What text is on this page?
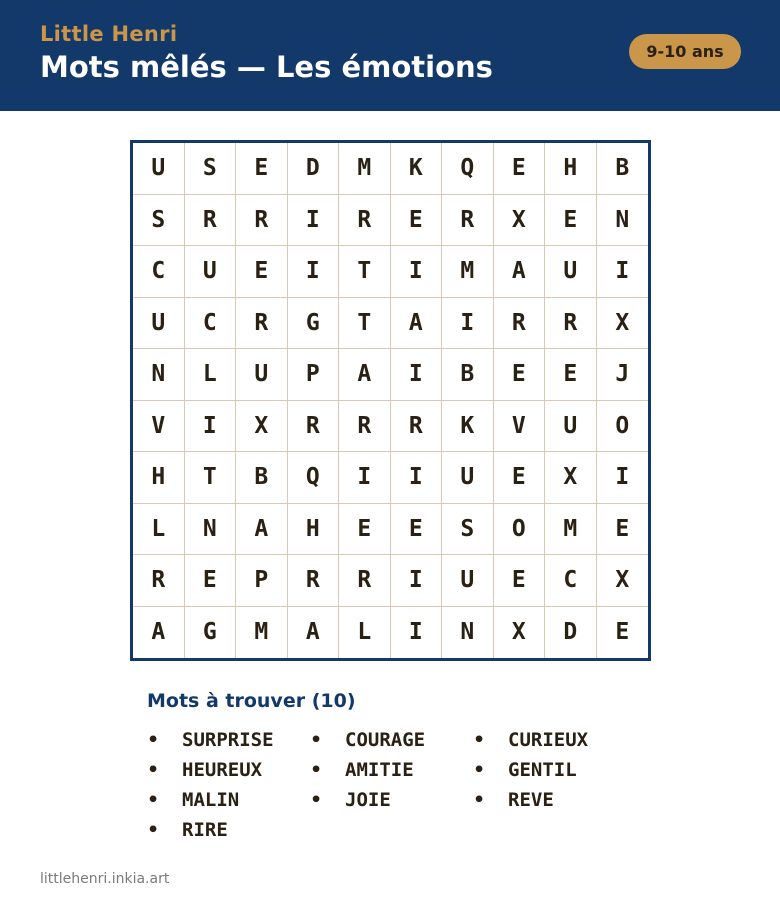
Little Henri
Mots mêlés — Les émotions	9-10 ans
U	S	E	D	M	K	Q	E	H	B
S	R	R	I	R	E	R	X	E	N
C	U	E	I	T	I	M	A	U	I
U	C	R	G	T	A	I	R	R	X
N	L	U	P	A	I	B	E	E	J
V	I	X	R	R	R	K	V	U	O
H	T	B	Q	I	I	U	E	X	I
L	N	A	H	E	E	S	O	M	E
R	E	P	R	R	I	U	E	C	X
A	G	M	A	L	I	N	X	D	E
Mots à trouver (10)
•	SURPRISE •	COURAGE	•	CURIEUX
•	HEUREUX	•	AMITIE	•	GENTIL
•	MALIN	•	JOIE	•	REVE
•	RIRE
littlehenri.inkia.art
